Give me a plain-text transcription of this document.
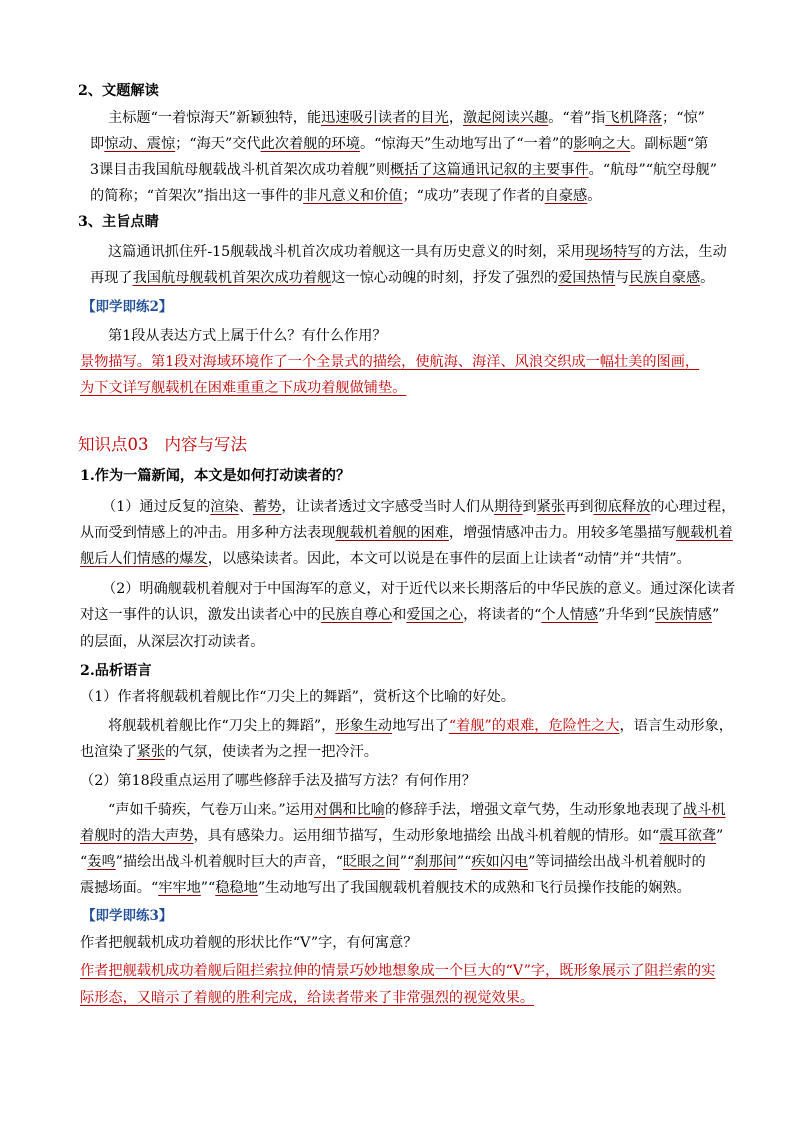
2、文题解读
主标题“一着惊海天”新颖独特，能迅速吸引读者的目光，激起阅读兴趣。“着”指飞机降落；“惊”
即惊动、震惊；“海天”交代此次着舰的环境。“惊海天”生动地写出了“一着”的影响之大。副标题“第
3课目击我国航母舰载战斗机首架次成功着舰”则概括了这篇通讯记叙的主要事件。“航母”“航空母舰”
的简称；“首架次”指出这一事件的非凡意义和价值；“成功”表现了作者的自豪感。
3、主旨点睛
这篇通讯抓住歼-15舰载战斗机首次成功着舰这一具有历史意义的时刻，采用现场特写的方法，生动
再现了我国航母舰载机首架次成功着舰这一惊心动魄的时刻，抒发了强烈的爱国热情与民族自豪感。
【即学即练2】
第1段从表达方式上属于什么？有什么作用？
景物描写。第1段对海域环境作了一个全景式的描绘，使航海、海洋、风浪交织成一幅壮美的图画，
为下文详写舰载机在困难重重之下成功着舰做铺垫。
知识点03 内容与写法
1.作为一篇新闻，本文是如何打动读者的？
（1）通过反复的渲染、蓄势，让读者透过文字感受当时人们从期待到紧张再到彻底释放的心理过程，
从而受到情感上的冲击。用多种方法表现舰载机着舰的困难，增强情感冲击力。用较多笔墨描写舰载机着
舰后人们情感的爆发，以感染读者。因此，本文可以说是在事件的层面上让读者“动情”并“共情”。
（2）明确舰载机着舰对于中国海军的意义，对于近代以来长期落后的中华民族的意义。通过深化读者
对这一事件的认识，激发出读者心中的民族自尊心和爱国之心，将读者的“个人情感”升华到“民族情感”
的层面，从深层次打动读者。
2.品析语言
（1）作者将舰载机着舰比作“刀尖上的舞蹈”，赏析这个比喻的好处。
将舰载机着舰比作“刀尖上的舞蹈”，形象生动地写出了“着舰”的艰难，危险性之大，语言生动形象，
也渲染了紧张的气氛，使读者为之捏一把冷汗。
（2）第18段重点运用了哪些修辞手法及描写方法？有何作用？
“声如千骑疾，气卷万山来。”运用对偶和比喻的修辞手法，增强文章气势，生动形象地表现了战斗机
着舰时的浩大声势，具有感染力。运用细节描写，生动形象地描绘 出战斗机着舰的情形。如“震耳欲聋”
“轰鸣”描绘出战斗机着舰时巨大的声音，“眨眼之间”“刹那间”“疾如闪电”等词描绘出战斗机着舰时的
震撼场面。“牢牢地”“稳稳地”生动地写出了我国舰载机着舰技术的成熟和飞行员操作技能的娴熟。
【即学即练3】
作者把舰载机成功着舰的形状比作“V”字，有何寓意？
作者把舰载机成功着舰后阻拦索拉伸的情景巧妙地想象成一个巨大的“V”字，既形象展示了阻拦索的实
际形态，又暗示了着舰的胜利完成，给读者带来了非常强烈的视觉效果。
